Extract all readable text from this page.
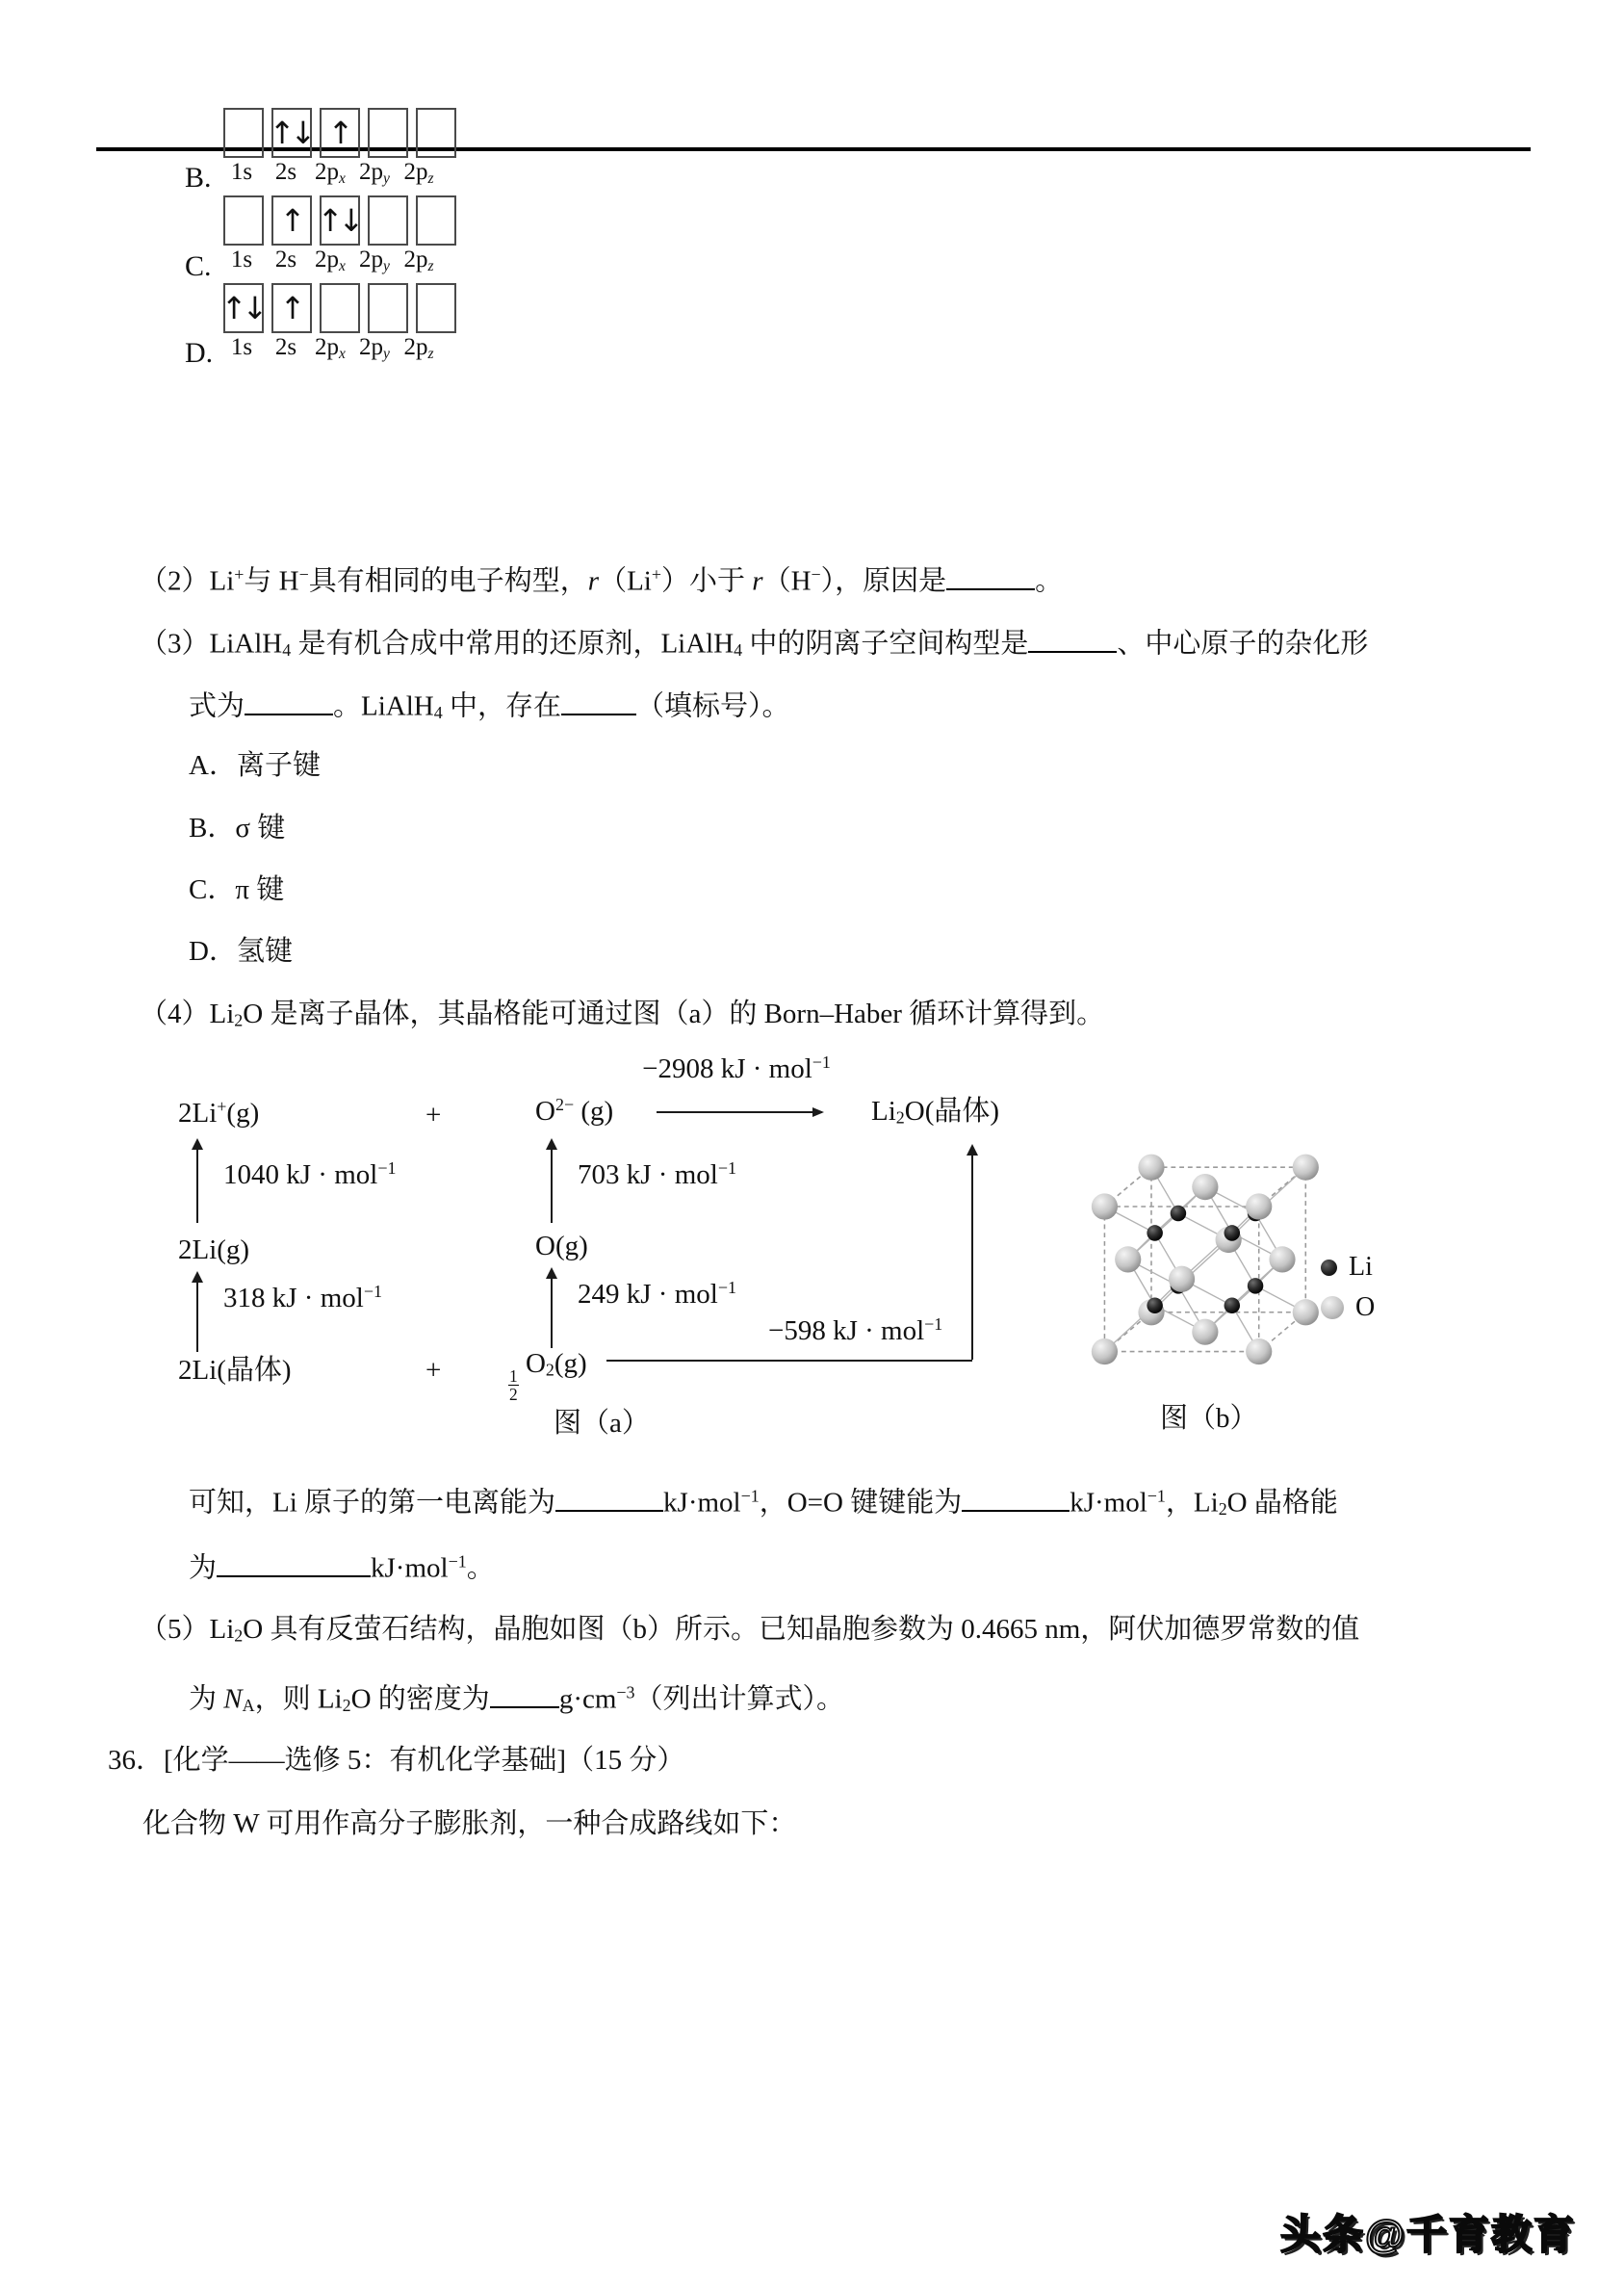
B.
↑↓ ↑
1s 2s 2px 2py 2pz
C.
↑ ↑↓
1s 2s 2px 2py 2pz
D.
↑↓ ↑
1s 2s 2px 2py 2pz
（2）Li+与 H−具有相同的电子构型，r（Li+）小于 r（H−），原因是	。
（3）LiAlH4 是有机合成中常用的还原剂，LiAlH4 中的阴离子空间构型是	、中心原子的杂化形
式为	。LiAlH4 中，存在	（填标号）。
A．离子键
B．σ 键
C．π 键
D．氢键
（4）Li2O 是离子晶体，其晶格能可通过图（a）的 Born–Haber 循环计算得到。
2Li+(g)	+	$O^{2-}$ (g)
−2908 kJ · mol$^{-1}$
Li2O(晶体)
1040 kJ · mol$^{-1}$	703 kJ · mol$^{-1}$
2Li(g)	O(g)
318 kJ · mol$^{-1}$	249 kJ · mol$^{-1}$
2Li(晶体)	+	$\frac{1}{2}$
O2(g)
−598 kJ · mol$^{-1}$
图（a）
Li
O
图（b）
可知，Li 原子的第一电离能为	kJ·mol$^{-1}$，O=O 键键能为	kJ·mol$^{-1}$，Li2O 晶格能
为	kJ·mol$^{-1}$。
（5）Li2O 具有反萤石结构，晶胞如图（b）所示。已知晶胞参数为 0.4665 nm，阿伏加德罗常数的值
为 NA，则 Li2O 的密度为 $g\cdot cm^{-3}$（列出计算式）。
36．[化学——选修 5：有机化学基础]（15 分）
化合物 W 可用作高分子膨胀剂，一种合成路线如下：
头条@千育教育
